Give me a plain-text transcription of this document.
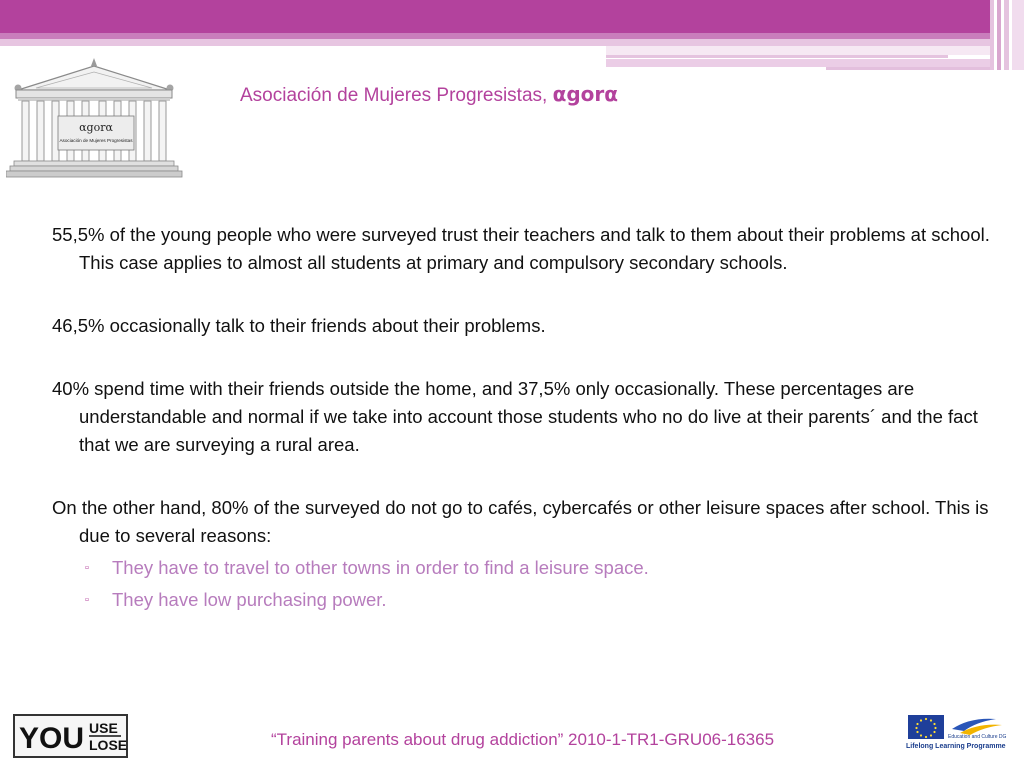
αgorα
Asociación de Mujeres Progresistas
Asociación de Mujeres Progresistas, αgorα

55,5% of the young people who were surveyed trust their teachers and talk to them about their problems at school. This case applies to almost all students at primary and compulsory secondary schools.

46,5% occasionally talk to their friends about their problems.

40% spend time with their friends outside the home, and 37,5% only occasionally. These percentages are understandable and normal if we take into account those students who no do live at their parents´ and the fact that we are surveying a rural area.

On the other hand, 80% of the surveyed do not go to cafés, cybercafés or other leisure spaces after school. This is due to several reasons:

▫ They have to travel to other towns in order to find a leisure space.
▫ They have low purchasing power.
YOU USE
LOSE	“Training parents about drug addiction” 2010-1-TR1-GRU06-16365	Education and Culture DG
Lifelong Learning Programme
